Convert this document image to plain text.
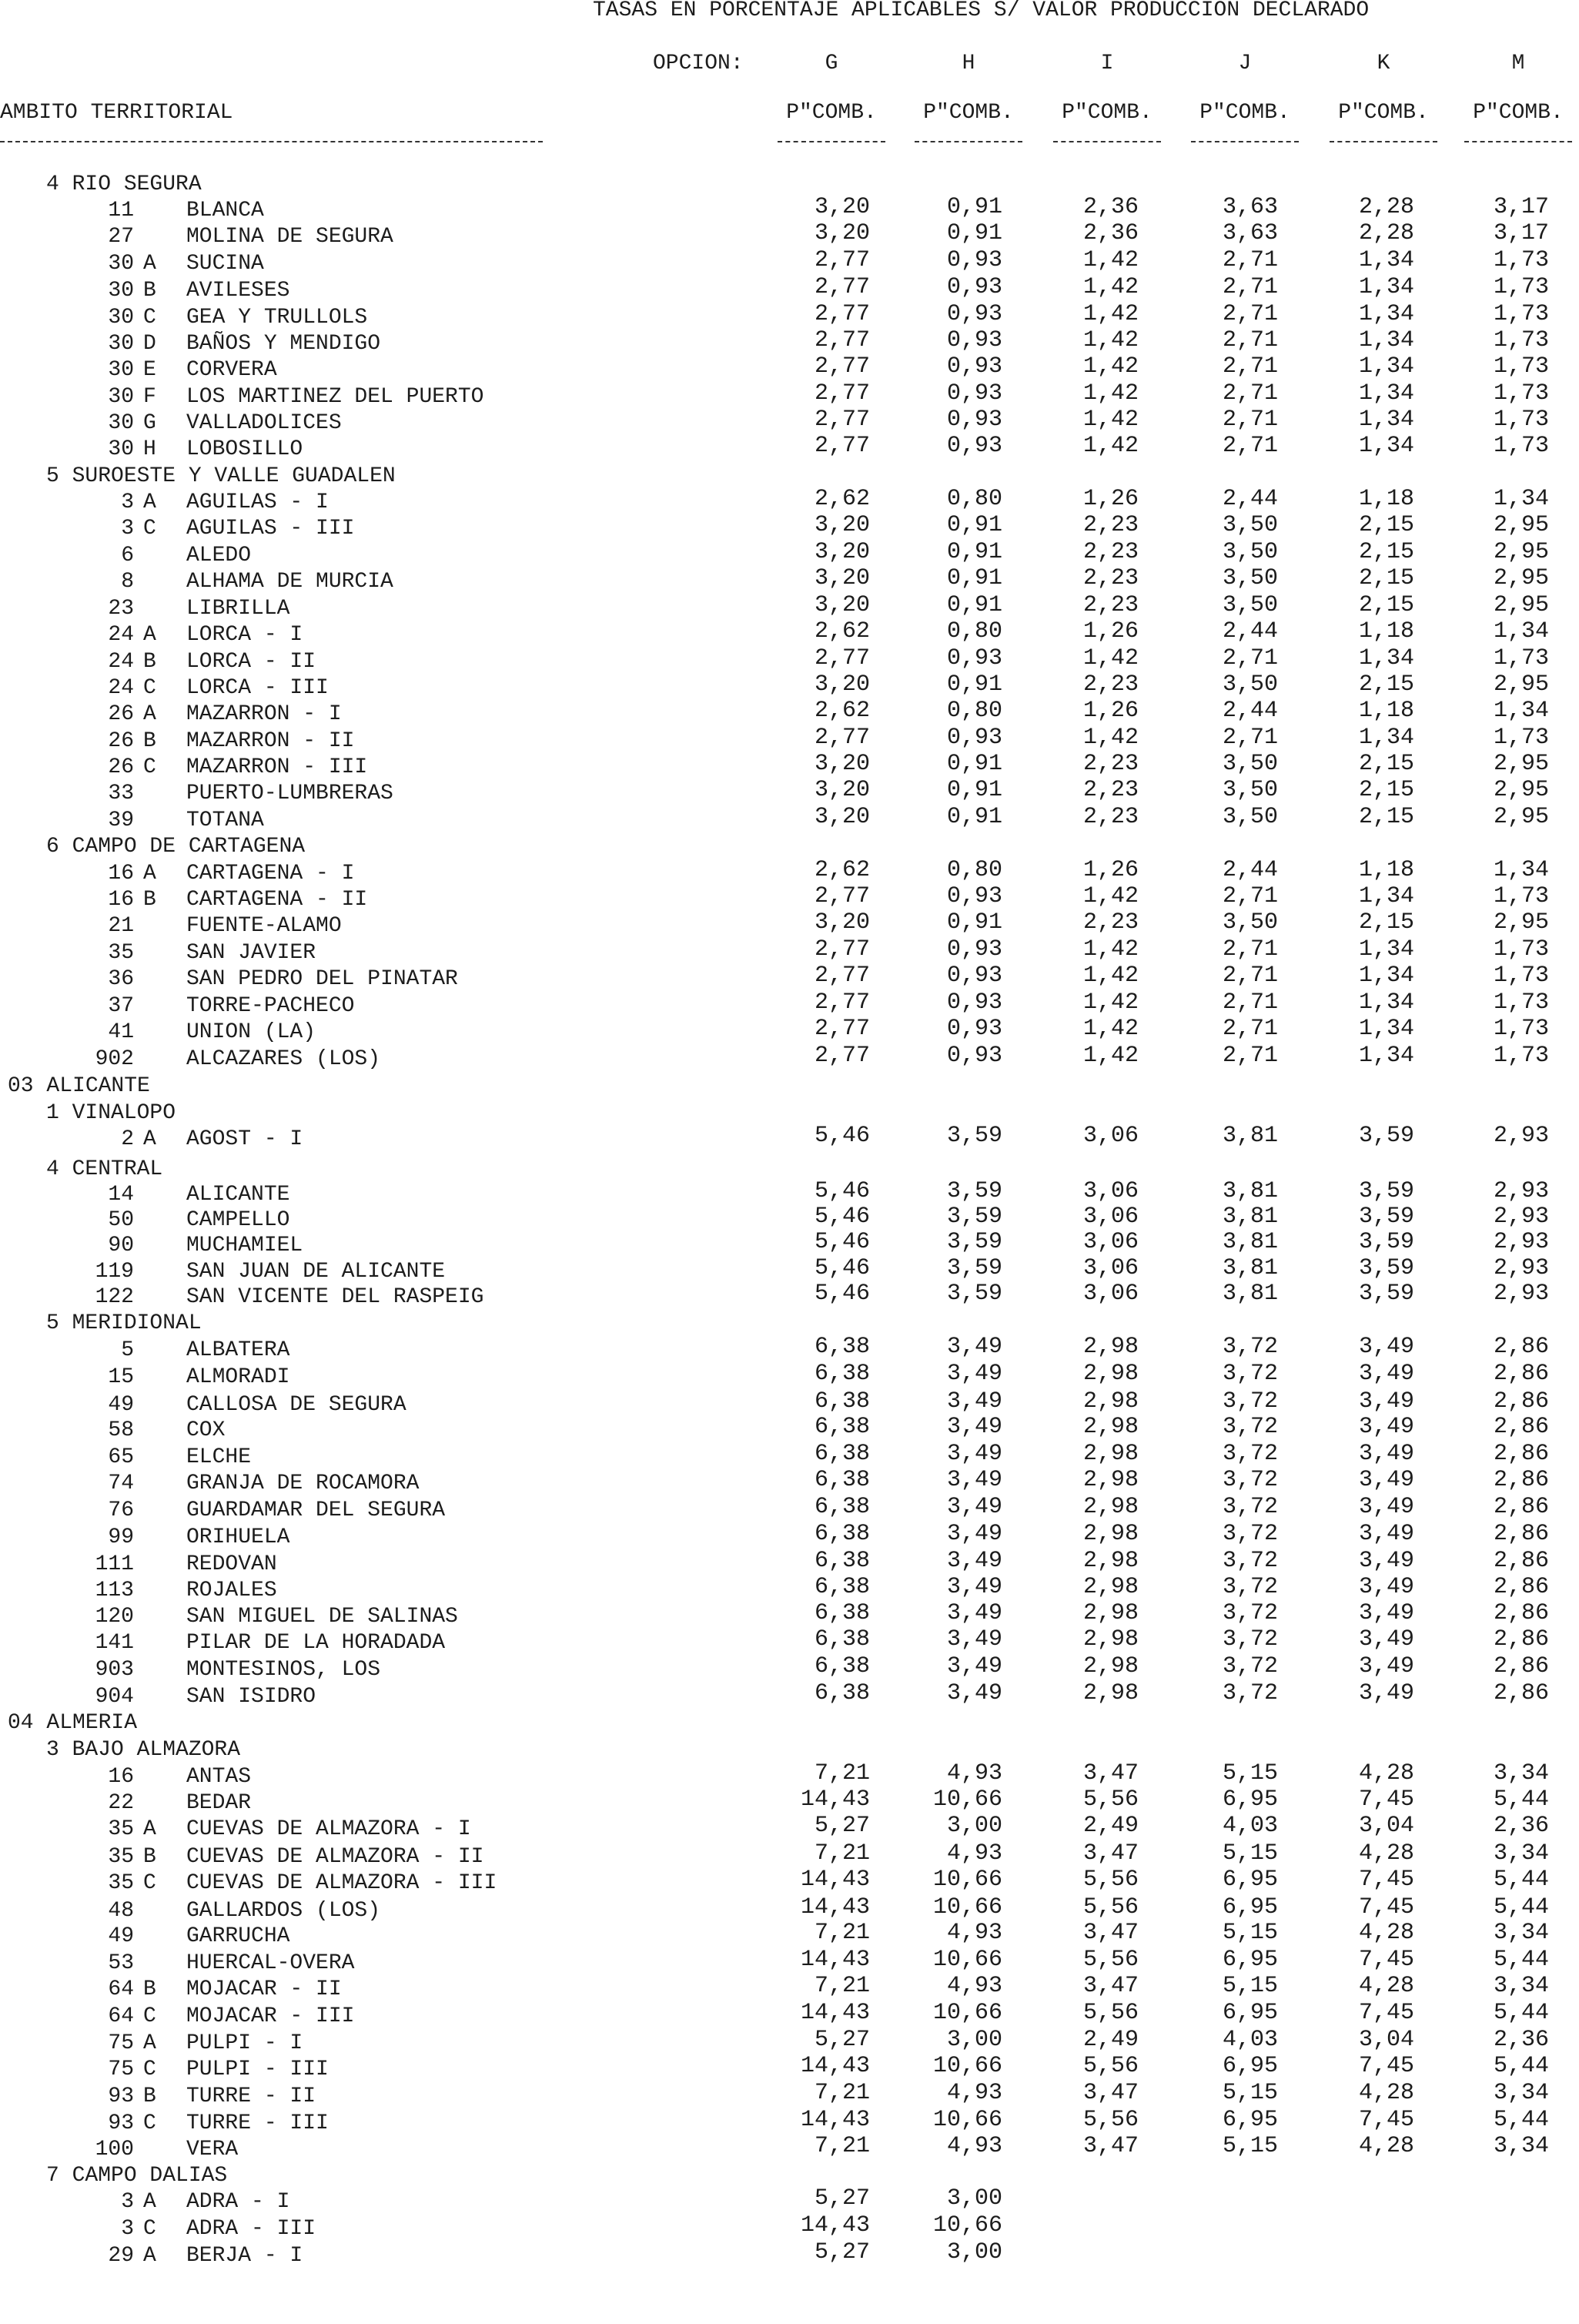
TASAS EN PORCENTAJE APLICABLES S/ VALOR PRODUCCION DECLARADO
OPCION:	G	H	I	J	K	M
AMBITO TERRITORIAL	P"COMB. P"COMB. P"COMB. P"COMB. P"COMB. P"COMB.
4 RIO SEGURA
11 BLANCA	3,20	0,91	2,36	3,63	2,28	3,17
27 MOLINA DE SEGURA	3,20	0,91	2,36	3,63	2,28	3,17
30 A SUCINA	2,77	0,93	1,42	2,71	1,34	1,73
30 B AVILESES	2,77	0,93	1,42	2,71	1,34	1,73
30 C GEA Y TRULLOLS	2,77	0,93	1,42	2,71	1,34	1,73
30 D BAÑOS Y MENDIGO	2,77	0,93	1,42	2,71	1,34	1,73
30 E CORVERA	2,77	0,93	1,42	2,71	1,34	1,73
30 F LOS MARTINEZ DEL PUERTO	2,77	0,93	1,42	2,71	1,34	1,73
30 G VALLADOLICES	2,77	0,93	1,42	2,71	1,34	1,73
30 H LOBOSILLO	2,77	0,93	1,42	2,71	1,34	1,73
5 SUROESTE Y VALLE GUADALEN
3 A AGUILAS - I	2,62	0,80	1,26	2,44	1,18	1,34
3 C AGUILAS - III	3,20	0,91	2,23	3,50	2,15	2,95
6 ALEDO	3,20	0,91	2,23	3,50	2,15	2,95
8 ALHAMA DE MURCIA	3,20	0,91	2,23	3,50	2,15	2,95
23 LIBRILLA	3,20	0,91	2,23	3,50	2,15	2,95
24 A LORCA - I	2,62	0,80	1,26	2,44	1,18	1,34
24 B LORCA - II	2,77	0,93	1,42	2,71	1,34	1,73
24 C LORCA - III	3,20	0,91	2,23	3,50	2,15	2,95
26 A MAZARRON - I	2,62	0,80	1,26	2,44	1,18	1,34
26 B MAZARRON - II	2,77	0,93	1,42	2,71	1,34	1,73
26 C MAZARRON - III	3,20	0,91	2,23	3,50	2,15	2,95
33 PUERTO-LUMBRERAS	3,20	0,91	2,23	3,50	2,15	2,95
39 TOTANA	3,20	0,91	2,23	3,50	2,15	2,95
6 CAMPO DE CARTAGENA
16 A CARTAGENA - I	2,62	0,80	1,26	2,44	1,18	1,34
16 B CARTAGENA - II	2,77	0,93	1,42	2,71	1,34	1,73
21 FUENTE-ALAMO	3,20	0,91	2,23	3,50	2,15	2,95
35 SAN JAVIER	2,77	0,93	1,42	2,71	1,34	1,73
36 SAN PEDRO DEL PINATAR	2,77	0,93	1,42	2,71	1,34	1,73
37 TORRE-PACHECO	2,77	0,93	1,42	2,71	1,34	1,73
41 UNION (LA)	2,77	0,93	1,42	2,71	1,34	1,73
902 ALCAZARES (LOS)	2,77	0,93	1,42	2,71	1,34	1,73
03 ALICANTE
1 VINALOPO
2 A AGOST - I	5,46	3,59	3,06	3,81	3,59	2,93
4 CENTRAL
14 ALICANTE	5,46	3,59	3,06	3,81	3,59	2,93
50 CAMPELLO	5,46	3,59	3,06	3,81	3,59	2,93
90 MUCHAMIEL	5,46	3,59	3,06	3,81	3,59	2,93
119 SAN JUAN DE ALICANTE	5,46	3,59	3,06	3,81	3,59	2,93
122 SAN VICENTE DEL RASPEIG	5,46	3,59	3,06	3,81	3,59	2,93
5 MERIDIONAL
5 ALBATERA	6,38	3,49	2,98	3,72	3,49	2,86
15 ALMORADI	6,38	3,49	2,98	3,72	3,49	2,86
49 CALLOSA DE SEGURA	6,38	3,49	2,98	3,72	3,49	2,86
58 COX	6,38	3,49	2,98	3,72	3,49	2,86
65 ELCHE	6,38	3,49	2,98	3,72	3,49	2,86
74 GRANJA DE ROCAMORA	6,38	3,49	2,98	3,72	3,49	2,86
76 GUARDAMAR DEL SEGURA	6,38	3,49	2,98	3,72	3,49	2,86
99 ORIHUELA	6,38	3,49	2,98	3,72	3,49	2,86
111 REDOVAN	6,38	3,49	2,98	3,72	3,49	2,86
113 ROJALES	6,38	3,49	2,98	3,72	3,49	2,86
120 SAN MIGUEL DE SALINAS	6,38	3,49	2,98	3,72	3,49	2,86
141 PILAR DE LA HORADADA	6,38	3,49	2,98	3,72	3,49	2,86
903 MONTESINOS, LOS	6,38	3,49	2,98	3,72	3,49	2,86
904 SAN ISIDRO	6,38	3,49	2,98	3,72	3,49	2,86
04 ALMERIA
3 BAJO ALMAZORA
16 ANTAS	7,21	4,93	3,47	5,15	4,28	3,34
22 BEDAR	14,43	10,66	5,56	6,95	7,45	5,44
35 A CUEVAS DE ALMAZORA - I	5,27	3,00	2,49	4,03	3,04	2,36
35 B CUEVAS DE ALMAZORA - II	7,21	4,93	3,47	5,15	4,28	3,34
35 C CUEVAS DE ALMAZORA - III	14,43	10,66	5,56	6,95	7,45	5,44
48 GALLARDOS (LOS)	14,43	10,66	5,56	6,95	7,45	5,44
49 GARRUCHA	7,21	4,93	3,47	5,15	4,28	3,34
53 HUERCAL-OVERA	14,43	10,66	5,56	6,95	7,45	5,44
64 B MOJACAR - II	7,21	4,93	3,47	5,15	4,28	3,34
64 C MOJACAR - III	14,43	10,66	5,56	6,95	7,45	5,44
75 A PULPI - I	5,27	3,00	2,49	4,03	3,04	2,36
75 C PULPI - III	14,43	10,66	5,56	6,95	7,45	5,44
93 B TURRE - II	7,21	4,93	3,47	5,15	4,28	3,34
93 C TURRE - III	14,43	10,66	5,56	6,95	7,45	5,44
100 VERA	7,21	4,93	3,47	5,15	4,28	3,34
7 CAMPO DALIAS
3 A ADRA - I	5,27	3,00
3 C ADRA - III	14,43	10,66
29 A BERJA - I	5,27	3,00
